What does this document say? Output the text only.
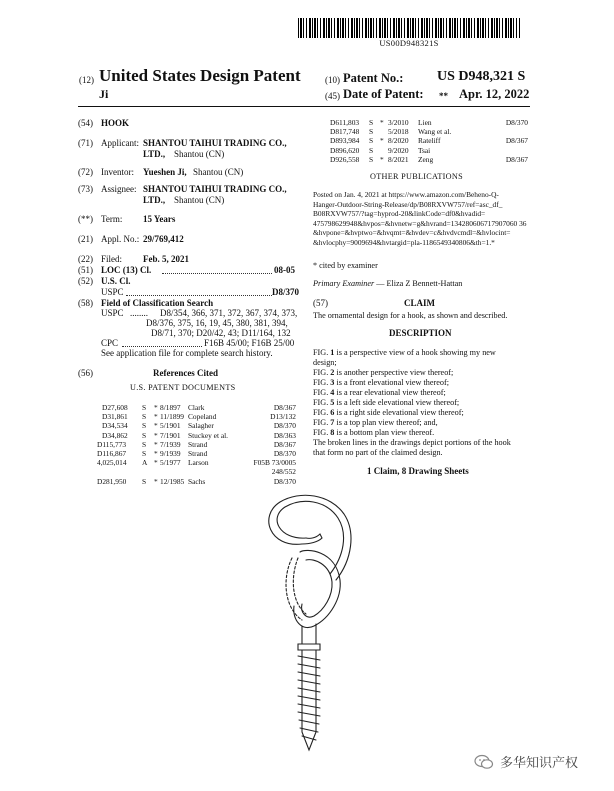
US00D948321S
(12) United States Design Patent
Ji
(10) Patent No.: US D948,321 S
(45) Date of Patent: ** Apr. 12, 2022
(54) HOOK
(71) Applicant: SHANTOU TAIHUI TRADING CO., LTD., Shantou (CN)
(72) Inventor: Yueshen Ji, Shantou (CN)
(73) Assignee: SHANTOU TAIHUI TRADING CO., LTD., Shantou (CN)
(**) Term: 15 Years
(21) Appl. No.: 29/769,412
(22) Filed: Feb. 5, 2021
(51) LOC (13) Cl.	08-05
(52) U.S. Cl.
USPC	D8/370
(58) Field of Classification Search
USPC ........ D8/354, 366, 371, 372, 367, 374, 373,
D8/376, 375, 16, 19, 45, 380, 381, 394,
D8/71, 370; D20/42, 43; D11/164, 132
CPC	F16B 45/00; F16B 25/00
See application file for complete search history.
(56)	References Cited
U.S. PATENT DOCUMENTS
D27,608 S * 8/1897 Clark	D8/367
D31,861 S * 11/1899 Copeland	D13/132
D34,534 S * 5/1901 Salagher	D8/370
D34,862 S * 7/1901 Stuckey et al.	D8/363
D115,773 S * 7/1939 Strand	D8/367
D116,867 S * 9/1939 Strand	D8/370
4,025,014 A * 5/1977 Larson	F05B 73/0005
248/552
D281,950 S * 12/1985 Sachs	D8/370
D611,803 S * 3/2010 Lien	D8/370
D817,748 S 5/2018 Wang et al.
D893,984 S * 8/2020 Rateliff	D8/367
D896,620 S 9/2020 Tsai
D926,558 S * 8/2021 Zeng	D8/367
OTHER PUBLICATIONS
Posted on Jan. 4, 2021 at https://www.amazon.com/Beheno-Q-
Hanger-Outdoor-String-Release/dp/B08RXVW757/ref=asc_df_
B08RXVW757/?tag=hyprod-20&linkCode=df0&hvadid=
475798629948&hvpos=&hvnetw=g&hvrand=134280606717907060 36
&hvpone=&hvptwo=&hvqmt=&hvdev=c&hvdvcmdl=&hvlocint=
&hvlocphy=9009694&hvtargid=pla-1186549340806&th=1.*
* cited by examiner
Primary Examiner — Eliza Z Bennett-Hattan
(57)	CLAIM
The ornamental design for a hook, as shown and described.
DESCRIPTION
FIG. 1 is a perspective view of a hook showing my new
design;
FIG. 2 is another perspective view thereof;
FIG. 3 is a front elevational view thereof;
FIG. 4 is a rear elevational view thereof;
FIG. 5 is a left side elevational view thereof;
FIG. 6 is a right side elevational view thereof;
FIG. 7 is a top plan view thereof; and,
FIG. 8 is a bottom plan view thereof.
The broken lines in the drawings depict portions of the hook
that form no part of the claimed design.
1 Claim, 8 Drawing Sheets
多华知识产权
